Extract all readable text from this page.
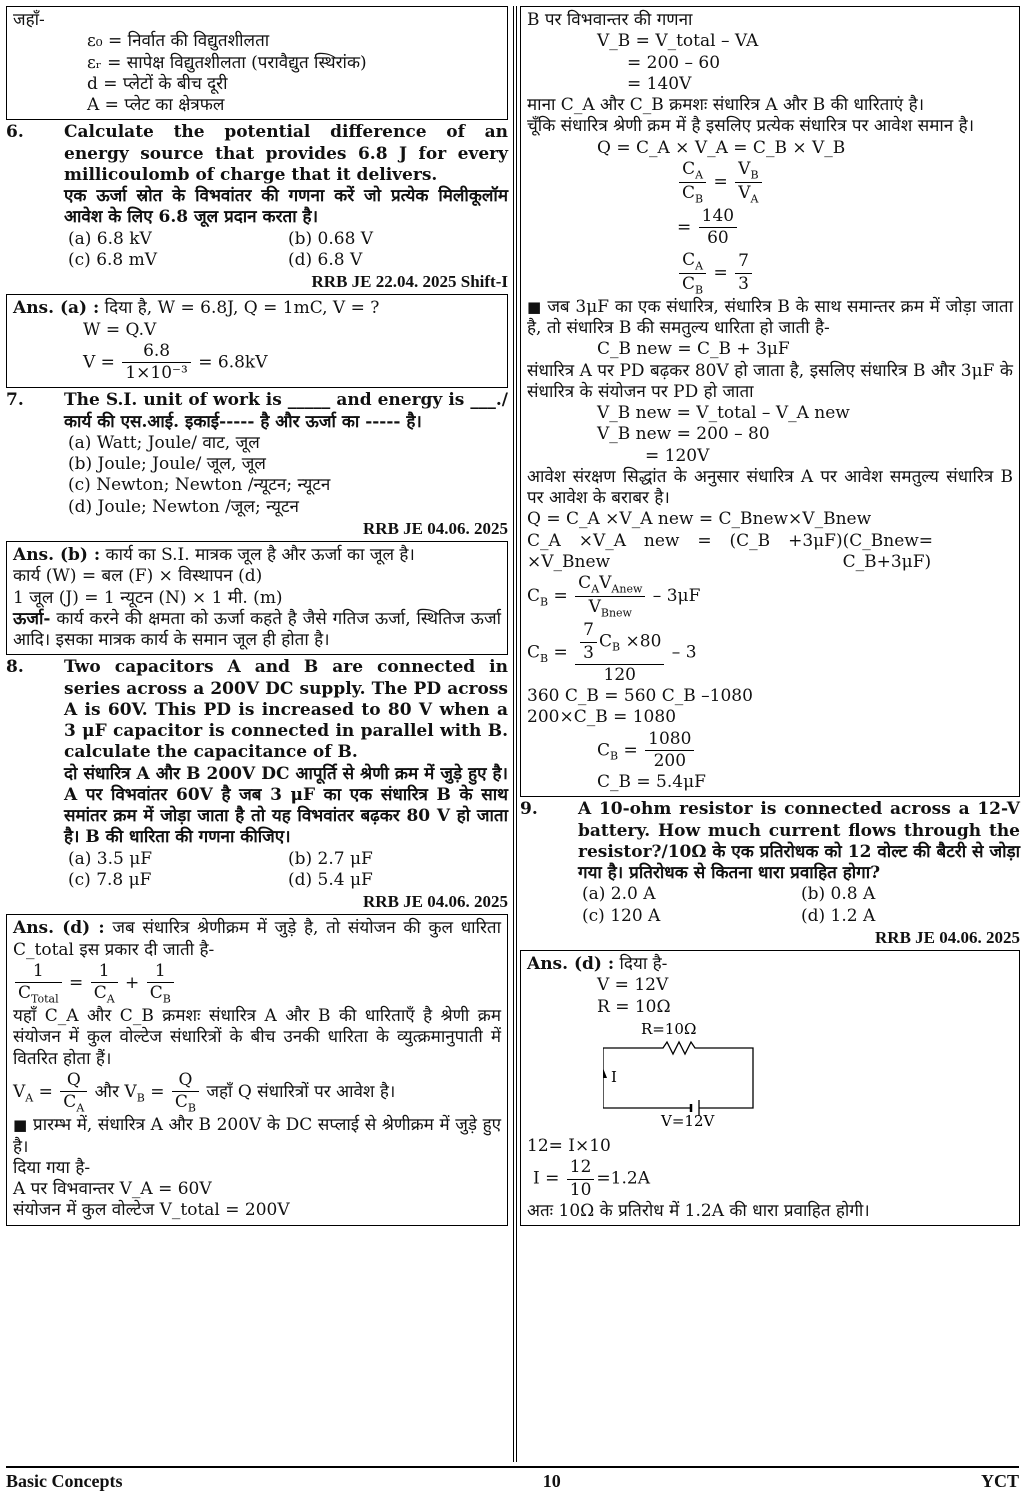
जहाँ-
ε₀ = निर्वात की विद्युतशीलता
εᵣ = सापेक्ष विद्युतशीलता (परावैद्युत स्थिरांक)
d = प्लेटों के बीच दूरी
A = प्लेट का क्षेत्रफल
6.	Calculate the potential difference of an energy source that provides 6.8 J for every millicoulomb of charge that it delivers.
एक ऊर्जा स्रोत के विभवांतर की गणना करें जो प्रत्येक मिलीकूलॉम आवेश के लिए 6.8 जूल प्रदान करता है।
(a) 6.8 kV	(b) 0.68 V
(c) 6.8 mV	(d) 6.8 V
RRB JE 22.04. 2025 Shift-I
Ans. (a) : दिया है, W = 6.8J, Q = 1mC, V = ?
W = Q.V
$V = \frac{6.8}{\text{1×10⁻³}} = 6.8kV$
7.	The S.I. unit of work is _____ and energy is ___./कार्य की एस.आई. इकाई----- है और ऊर्जा का ----- है।
(a) Watt; Joule/ वाट, जूल
(b) Joule; Joule/ जूल, जूल
(c) Newton; Newton /न्यूटन; न्यूटन
(d) Joule; Newton /जूल; न्यूटन
RRB JE 04.06. 2025
Ans. (b) : कार्य का S.I. मात्रक जूल है और ऊर्जा का जूल है।
कार्य (W) = बल (F) × विस्थापन (d)
1 जूल (J) = 1 न्यूटन (N) × 1 मी. (m)
ऊर्जा- कार्य करने की क्षमता को ऊर्जा कहते है जैसे गतिज ऊर्जा, स्थितिज ऊर्जा आदि। इसका मात्रक कार्य के समान जूल ही होता है।
8.	Two capacitors A and B are connected in series across a 200V DC supply. The PD across A is 60V. This PD is increased to 80 V when a 3 μF capacitor is connected in parallel with B. calculate the capacitance of B.
दो संधारित्र A और B 200V DC आपूर्ति से श्रेणी क्रम में जुड़े हुए है। A पर विभवांतर 60V है जब 3 μF का एक संधारित्र B के साथ समांतर क्रम में जोड़ा जाता है तो यह विभवांतर बढ़कर 80 V हो जाता है। B की धारिता की गणना कीजिए।
(a) 3.5 μF	(b) 2.7 μF
(c) 7.8 μF	(d) 5.4 μF
RRB JE 04.06. 2025
Ans. (d) : जब संधारित्र श्रेणीक्रम में जुड़े है, तो संयोजन की कुल धारिता C_total इस प्रकार दी जाती है-
$\frac{1}{C_{Total}} = \frac{1}{C_A} + \frac{1}{C_B}$
यहाँ C_A और C_B क्रमशः संधारित्र A और B की धारिताएँ है श्रेणी क्रम संयोजन में कुल वोल्टेज संधारित्रों के बीच उनकी धारिता के व्युत्क्रमानुपाती में वितरित होता हैं।
$V_A = \frac{Q}{C_A}$ और $V_B = \frac{Q}{C_B}$ जहाँ Q संधारित्रों पर आवेश है।
■ प्रारम्भ में, संधारित्र A और B 200V के DC सप्लाई से श्रेणीक्रम में जुड़े हुए है।
दिया गया है-
A पर विभवान्तर V_A = 60V
संयोजन में कुल वोल्टेज V_total = 200V
B पर विभवान्तर की गणना
V_B = V_total – VA
= 200 – 60
= 140V
माना C_A और C_B क्रमशः संधारित्र A और B की धारिताएं है।
चूँकि संधारित्र श्रेणी क्रम में है इसलिए प्रत्येक संधारित्र पर आवेश समान है।
Q = C_A × V_A = C_B × V_B
$\frac{C_A}{C_B} = \frac{V_B}{V_A}$
= $\frac{140}{60}$
$\frac{C_A}{C_B} = \frac{7}{3}$
■ जब 3μF का एक संधारित्र, संधारित्र B के साथ समान्तर क्रम में जोड़ा जाता है, तो संधारित्र B की समतुल्य धारिता हो जाती है-
C_B new = C_B + 3μF
संधारित्र A पर PD बढ़कर 80V हो जाता है, इसलिए संधारित्र B और 3μF के संधारित्र के संयोजन पर PD हो जाता
V_B new = V_total – V_A new
V_B new = 200 – 80
= 120V
आवेश संरक्षण सिद्धांत के अनुसार संधारित्र A पर आवेश समतुल्य संधारित्र B पर आवेश के बराबर है।
Q = C_A ×V_A new = C_Bnew×V_Bnew
C_A ×V_A new = (C_B +3μF) ×V_Bnew
(C_Bnew= C_B+3μF)
$C_B = \frac{C_AV_{Anew}}{V_{Bnew}} - 3\mu F$
$C_B = \frac{\frac{7}{3} C_B \times 80}{120} - 3$
360 C_B = 560 C_B –1080
200×C_B = 1080
$C_B = \frac{1080}{200}$
C_B = 5.4μF
9.	A 10-ohm resistor is connected across a 12-V battery. How much current flows through the resistor?/10Ω के एक प्रतिरोधक को 12 वोल्ट की बैटरी से जोड़ा गया है। प्रतिरोधक से कितना धारा प्रवाहित होगा?
(a) 2.0 A	(b) 0.8 A
(c) 120 A	(d) 1.2 A
RRB JE 04.06. 2025
Ans. (d) : दिया है-
V = 12V
R = 10Ω
R=10Ω
I
V=12V
12= I×10
$I = \frac{12}{10} =1.2A$
अतः 10Ω के प्रतिरोध में 1.2A की धारा प्रवाहित होगी।
Basic Concepts	10	YCT
